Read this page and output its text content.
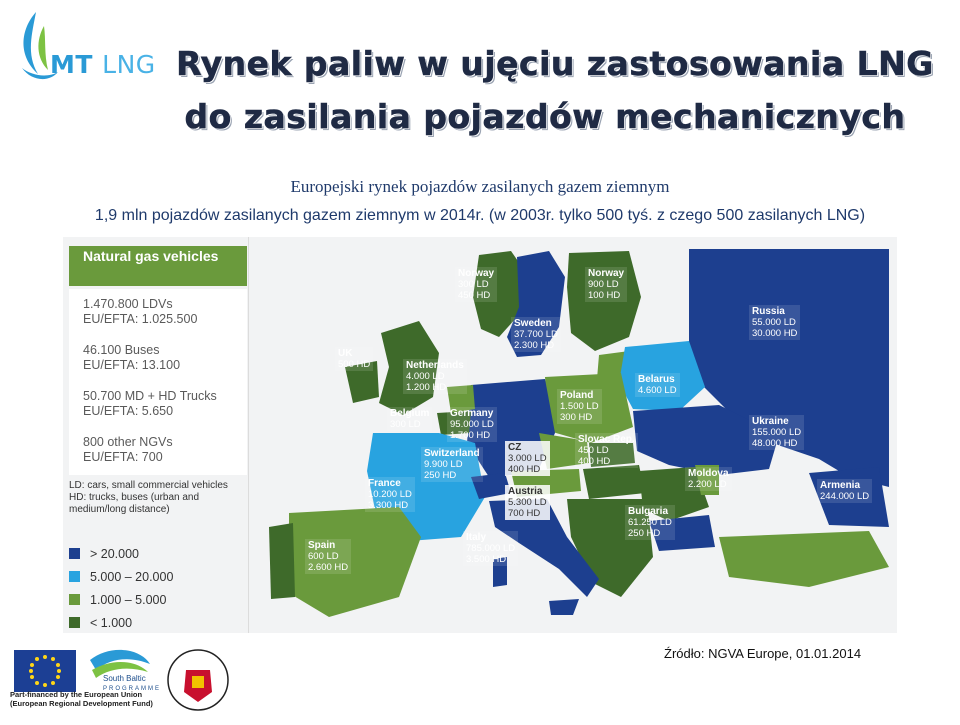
MT LNG Rynek paliw w ujęciu zastosowania LNG
do zasilania pojazdów mechanicznych
Europejski rynek pojazdów zasilanych gazem ziemnym
1,9 mln pojazdów zasilanych gazem ziemnym w 2014r. (w 2003r. tylko 500 tyś. z czego 500 zasilanych LNG)
Natural gas vehicles
1.470.800 LDVs
EU/EFTA: 1.025.500
46.100 Buses
EU/EFTA: 13.100
50.700 MD + HD Trucks
EU/EFTA: 5.650
800 other NGVs
EU/EFTA: 700
LD: cars, small commercial vehicles
HD: trucks, buses (urban and medium/long distance)
> 20.000
5.000 – 20.000
1.000 – 5.000
< 1.000
Norway
300 LD
450 HD
Norway
900 LD
100 HD
Russia
55.000 LD
30.000 HD
Sweden
37.700 LD
2.300 HD
UK
500 HD	Netherlands
4.000 LD
1.200 HD
Belarus
4.600 LD
Poland
1.500 LD
300 HD
Belgium
300 LD
Germany
95.000 LD
1.700 HD
Ukraine
155.000 LD
48.000 HD
CZ
3.000 LD
400 HD
Slovac Rep.
450 LD
400 HD
Switzerland
9.900 LD
250 HD
France
10.200 LD
3.300 HD
Moldova
2.200 LD	Armenia
244.000 LD
Austria
5.300 LD
700 HD	Bulgaria
61.250 LD
250 HD
Spain
600 LD
2.600 HD
Italy
785.000 LD
3.500 HD
South Baltic
PROGRAMME
Part-financed by the European Union
(European Regional Development Fund)
Źródło: NGVA Europe, 01.01.2014
